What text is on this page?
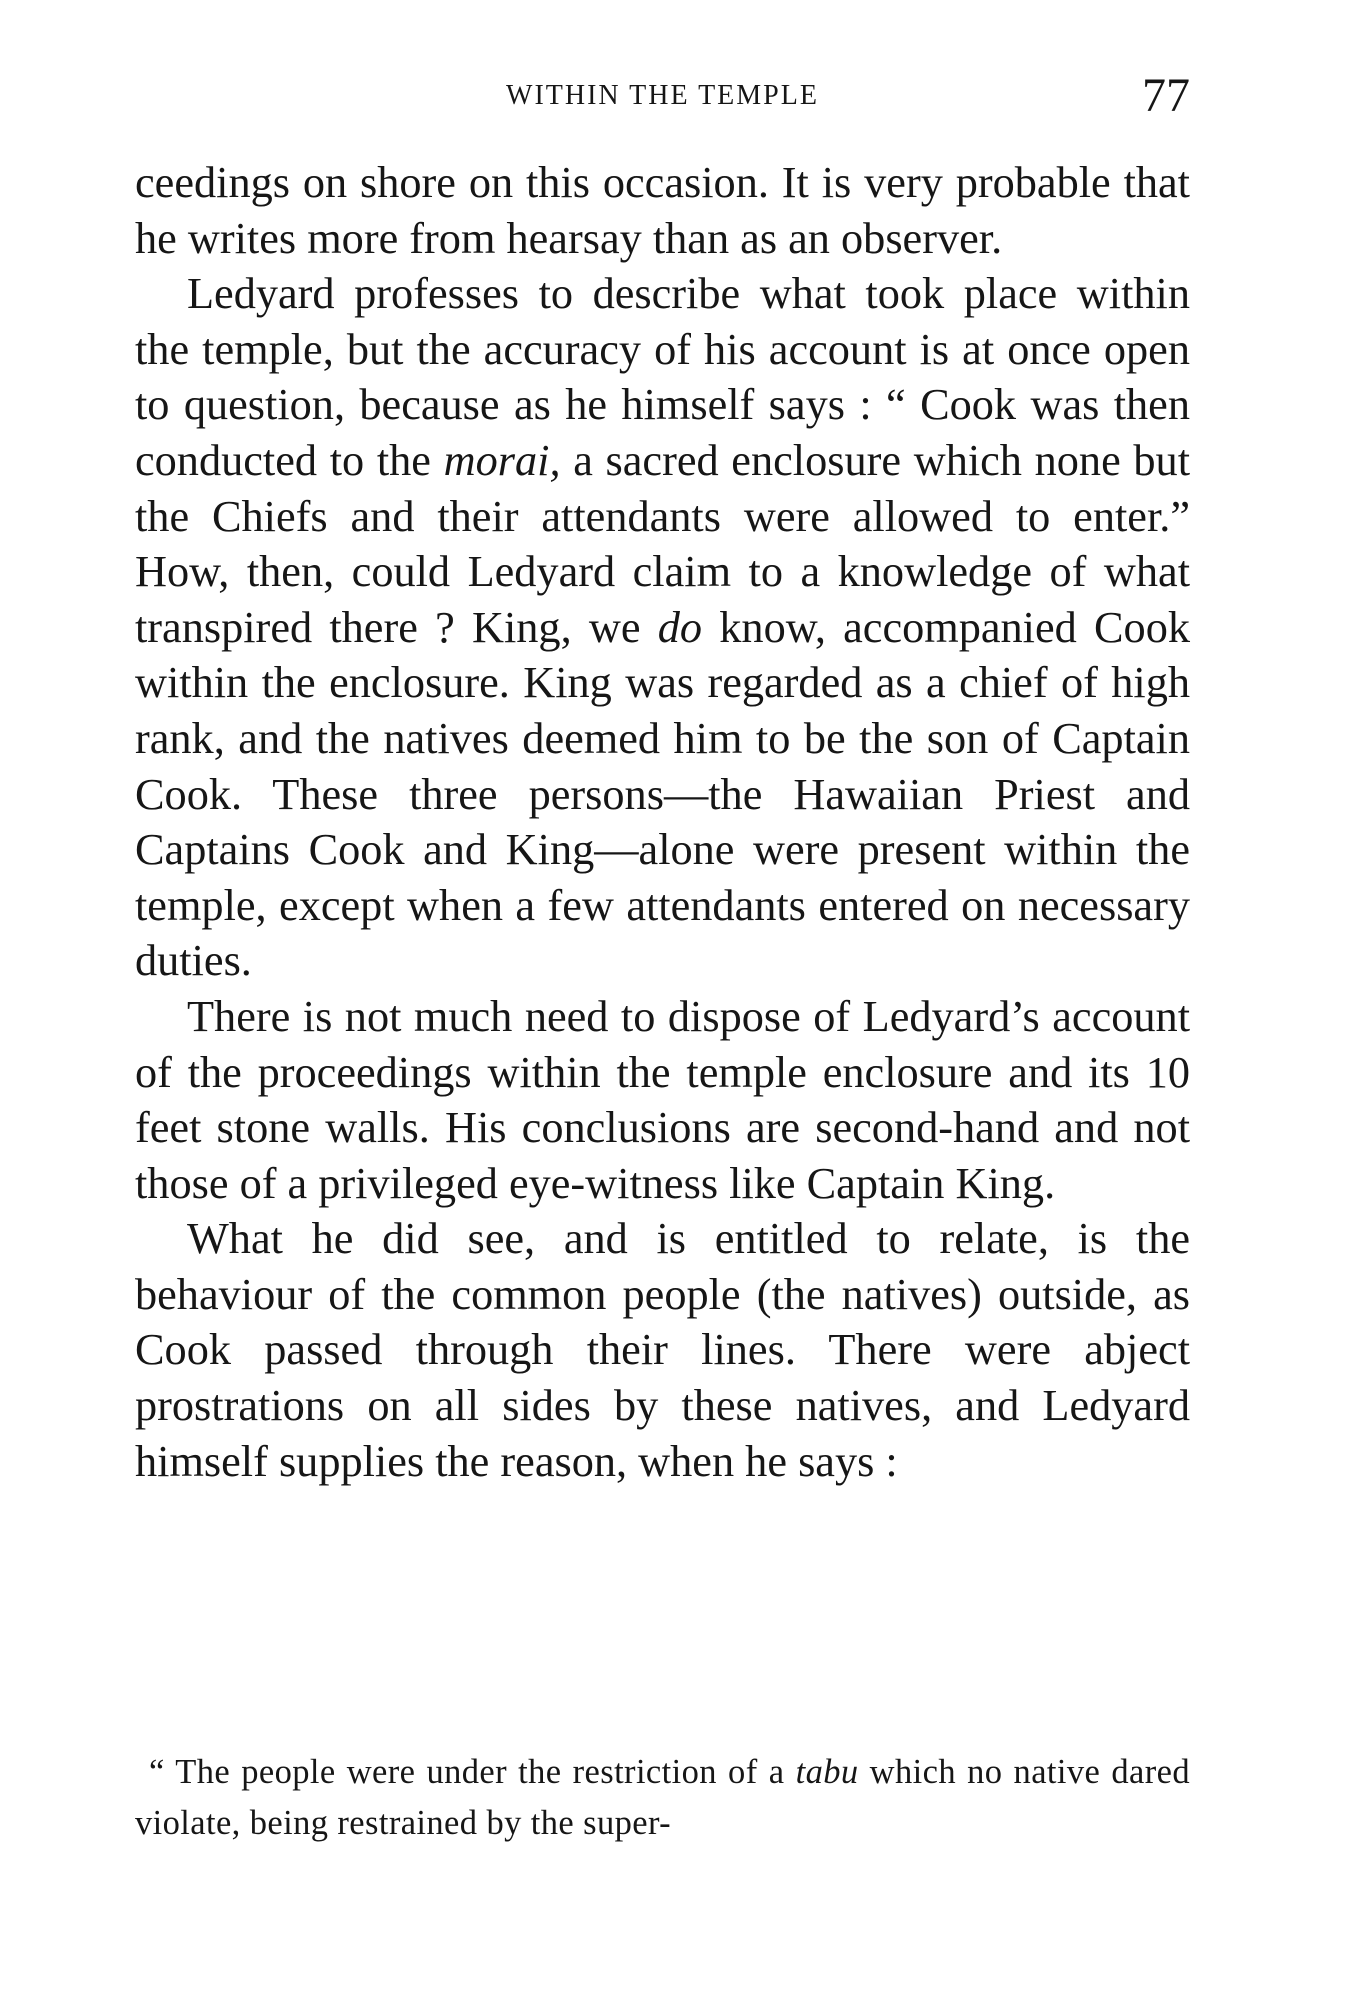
WITHIN THE TEMPLE	77

ceedings on shore on this occasion. It is very probable that he writes more from hearsay than as an observer.

Ledyard professes to describe what took place within the temple, but the accuracy of his account is at once open to question, because as he himself says : “ Cook was then conducted to the morai, a sacred enclosure which none but the Chiefs and their attendants were allowed to enter.” How, then, could Ledyard claim to a knowledge of what transpired there ? King, we do know, accompanied Cook within the enclosure. King was regarded as a chief of high rank, and the natives deemed him to be the son of Captain Cook. These three persons—the Hawaiian Priest and Captains Cook and King—alone were present within the temple, except when a few attendants entered on necessary duties.

There is not much need to dispose of Ledyard’s account of the proceedings within the temple enclosure and its 10 feet stone walls. His conclusions are second-hand and not those of a privileged eye-witness like Captain King.

What he did see, and is entitled to relate, is the behaviour of the common people (the natives) outside, as Cook passed through their lines. There were abject prostrations on all sides by these natives, and Ledyard himself supplies the reason, when he says :

“ The people were under the restriction of a tabu which no native dared violate, being restrained by the super-
